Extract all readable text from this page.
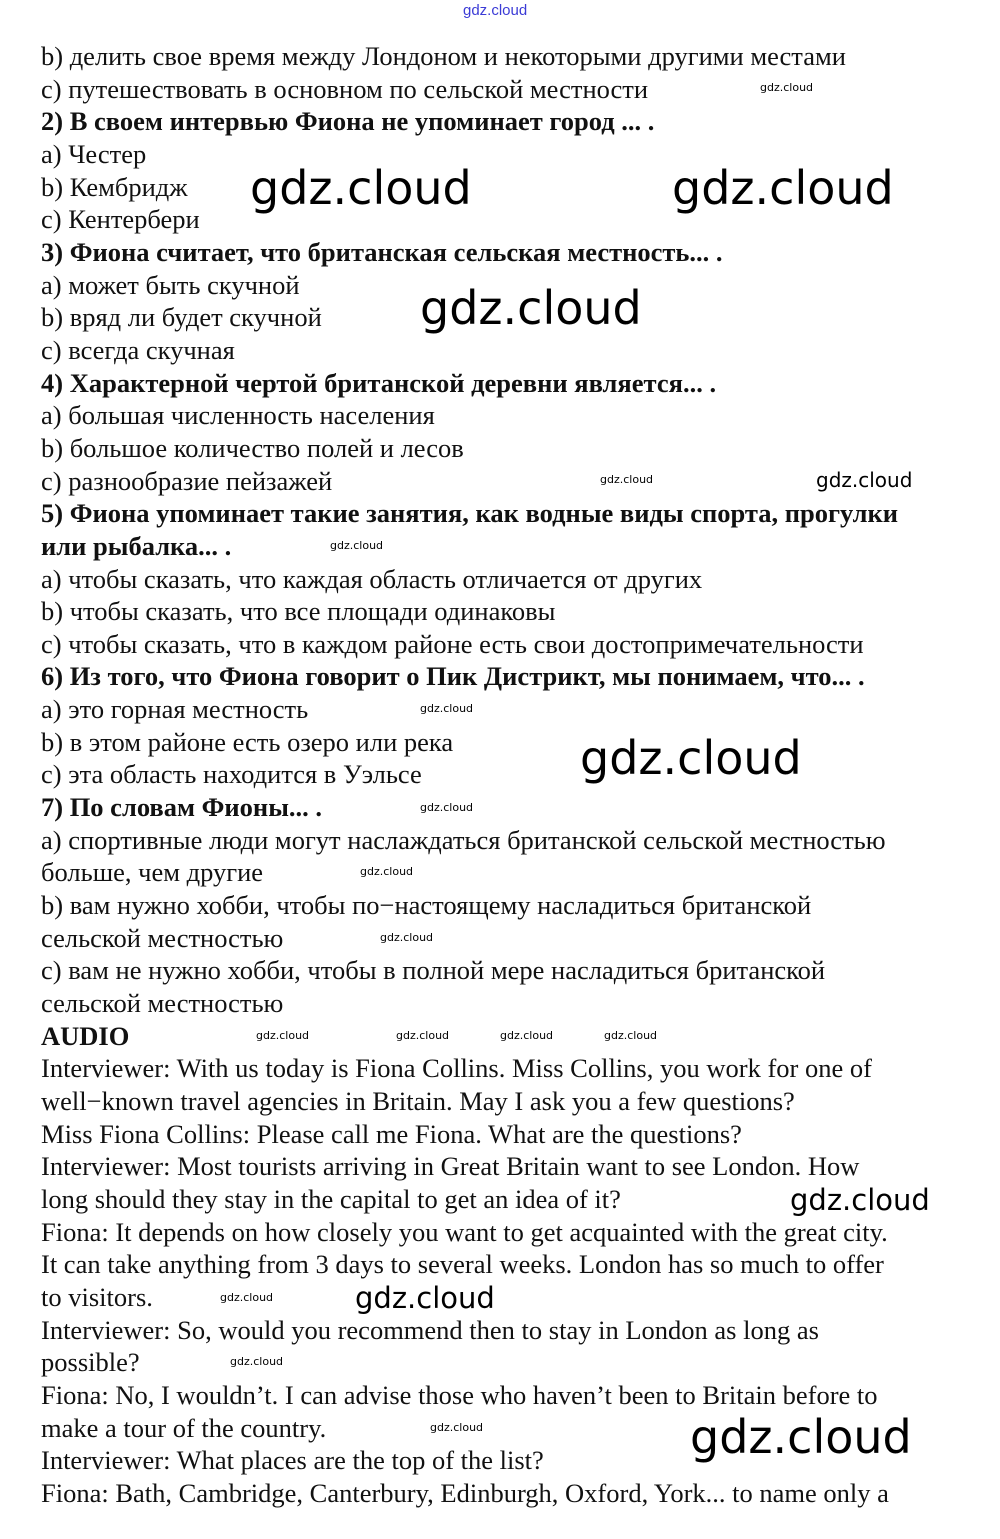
b) делить свое время между Лондоном и некоторыми другими местами
c) путешествовать в основном по сельской местности
2) В своем интервью Фиона не упоминает город ... .
a) Честер
b) Кембридж
c) Кентербери
3) Фиона считает, что британская сельская местность... .
a) может быть скучной
b) вряд ли будет скучной
c) всегда скучная
4) Характерной чертой британской деревни является... .
a) большая численность населения
b) большое количество полей и лесов
c) разнообразие пейзажей
5) Фиона упоминает такие занятия, как водные виды спорта, прогулки
или рыбалка... .
a) чтобы сказать, что каждая область отличается от других
b) чтобы сказать, что все площади одинаковы
c) чтобы сказать, что в каждом районе есть свои достопримечательности
6) Из того, что Фиона говорит о Пик Дистрикт, мы понимаем, что... .
a) это горная местность
b) в этом районе есть озеро или река
c) эта область находится в Уэльсе
7) По словам Фионы... .
a) спортивные люди могут наслаждаться британской сельской местностью
больше, чем другие
b) вам нужно хобби, чтобы по−настоящему насладиться британской
сельской местностью
c) вам не нужно хобби, чтобы в полной мере насладиться британской
сельской местностью
AUDIO
Interviewer: With us today is Fiona Collins. Miss Collins, you work for one of
well−known travel agencies in Britain. May I ask you a few questions?
Miss Fiona Collins: Please call me Fiona. What are the questions?
Interviewer: Most tourists arriving in Great Britain want to see London. How
long should they stay in the capital to get an idea of it?
Fiona: It depends on how closely you want to get acquainted with the great city.
It can take anything from 3 days to several weeks. London has so much to offer
to visitors.
Interviewer: So, would you recommend then to stay in London as long as
possible?
Fiona: No, I wouldn’t. I can advise those who haven’t been to Britain before to
make a tour of the country.
Interviewer: What places are the top of the list?
Fiona: Bath, Cambridge, Canterbury, Edinburgh, Oxford, York... to name only a
gdz.cloud
gdz.cloud	gdz.cloud
gdz.cloud
gdz.cloud
gdz.cloud
gdz.cloud
gdz.cloud
gdz.cloud
gdz.cloud
gdz.cloud
gdz.cloud
gdz.cloud
gdz.cloud
gdz.cloud	gdz.cloud	gdz.cloud	gdz.cloud
gdz.cloud
gdz.cloud
gdz.cloud
gdz.cloud
gdz.cloud
